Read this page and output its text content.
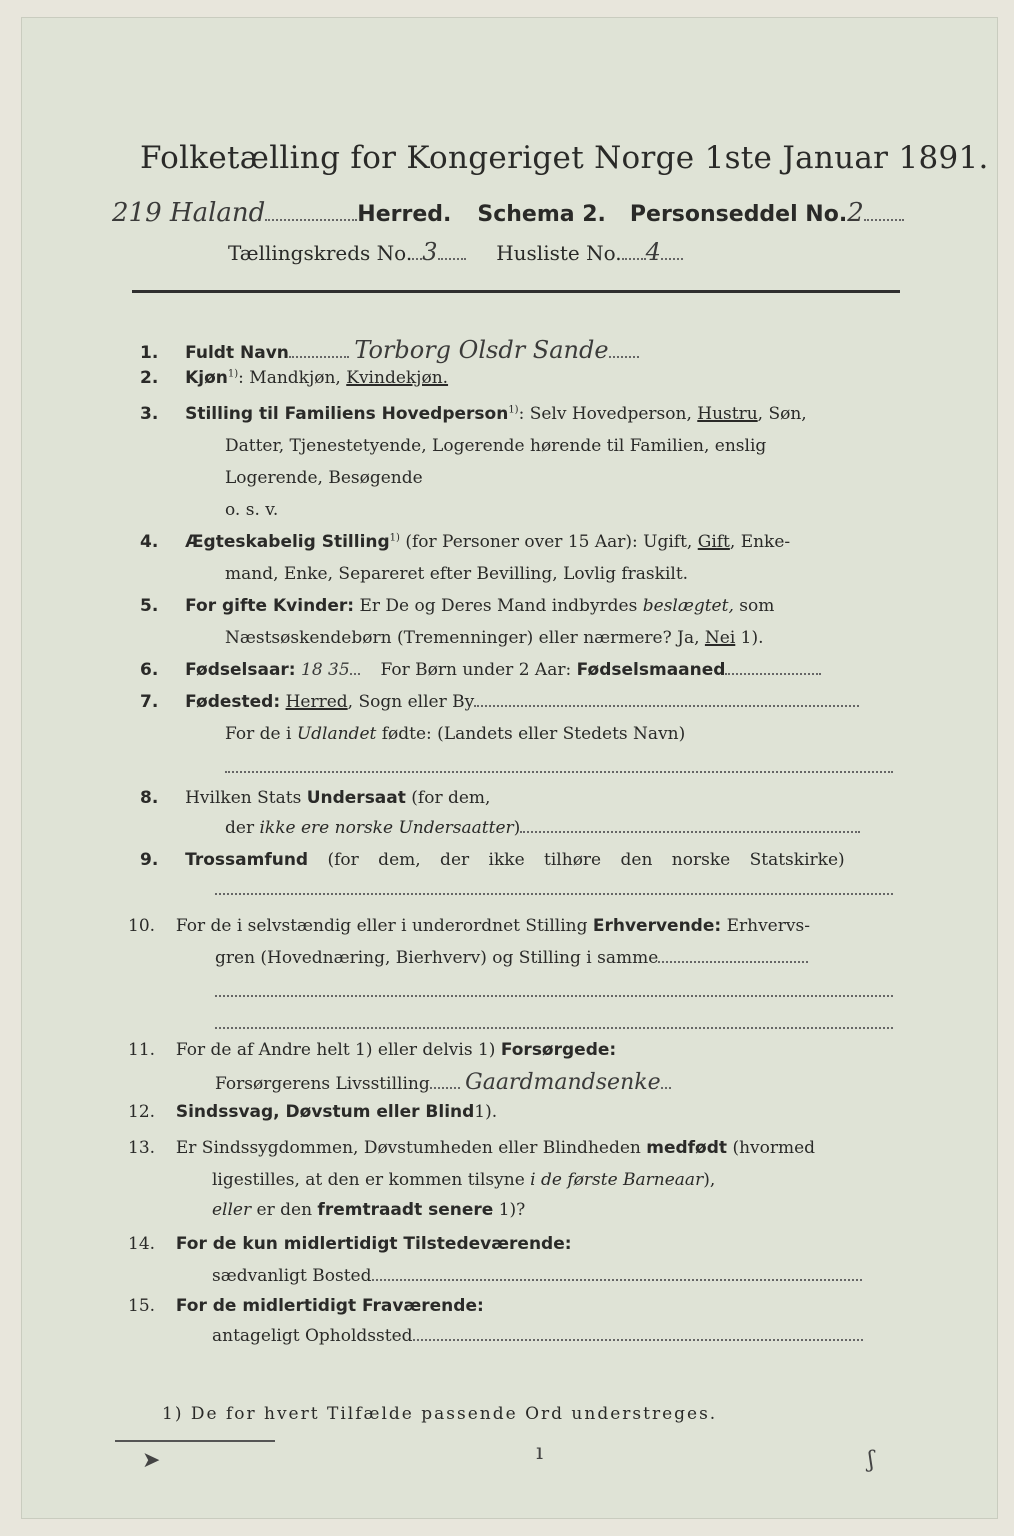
Folketælling for Kongeriget Norge 1ste Januar 1891.
219 Haland	Herred. Schema 2. Personseddel No.2
Tællingskreds No. 3	Husliste No. 4
1. Fuldt Navn	Torborg Olsdr Sande
2. Kjøn$^{1)}$: Mandkjøn, Kvindekjøn.
3. Stilling til Familiens Hovedperson$^{1)}$: Selv Hovedperson, Hustru, Søn,
Datter, Tjenestetyende, Logerende hørende til Familien, enslig
Logerende, Besøgende
o. s. v.
4. Ægteskabelig Stilling$^{1)}$ (for Personer over 15 Aar): Ugift, Gift, Enke-
mand, Enke, Separeret efter Bevilling, Lovlig fraskilt.
5. For gifte Kvinder: Er De og Deres Mand indbyrdes beslægtet, som
Næstsøskendebørn (Tremenninger) eller nærmere? Ja, Nei 1).
6. Fødselsaar: 18 35 For Børn under 2 Aar: Fødselsmaaned
7. Fødested: Herred, Sogn eller By
For de i Udlandet fødte: (Landets eller Stedets Navn)
8. Hvilken Stats Undersaat (for dem,
der ikke ere norske Undersaatter)
9. Trossamfund (for dem, der ikke tilhøre den norske Statskirke)
10. For de i selvstændig eller i underordnet Stilling Erhvervende: Erhvervs-
gren (Hovednæring, Bierhverv) og Stilling i samme
11. For de af Andre helt 1) eller delvis 1) Forsørgede:
Forsørgerens Livsstilling Gaardmandsenke
12. Sindssvag, Døvstum eller Blind1).
13. Er Sindssygdommen, Døvstumheden eller Blindheden medfødt (hvormed
ligestilles, at den er kommen tilsyne i de første Barneaar),
eller er den fremtraadt senere 1)?
14. For de kun midlertidigt Tilstedeværende:
sædvanligt Bosted
15. For de midlertidigt Fraværende:
antageligt Opholdssted
1) De for hvert Tilfælde passende Ord understreges.
➤	ı	ʃ
